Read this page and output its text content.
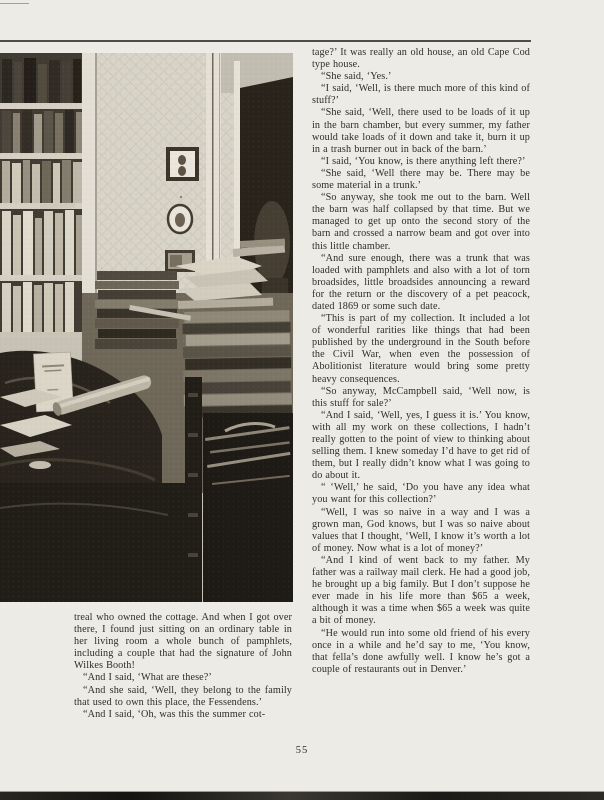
treal who owned the cottage. And when I got over there, I found just sitting on an ordinary table in her living room a whole bunch of pamphlets, including a couple that had the signature of John Wilkes Booth!

“And I said, ‘What are these?’

“And she said, ‘Well, they belong to the family that used to own this place, the Fessendens.’

“And I said, ‘Oh, was this the summer cot-

tage?’ It was really an old house, an old Cape Cod type house.

“She said, ‘Yes.’

“I said, ‘Well, is there much more of this kind of stuff?’

“She said, ‘Well, there used to be loads of it up in the barn chamber, but every summer, my father would take loads of it down and take it, burn it up in a trash burner out in back of the barn.’

“I said, ‘You know, is there anything left there?’

“She said, ‘Well there may be. There may be some material in a trunk.’

“So anyway, she took me out to the barn. Well the barn was half collapsed by that time. But we managed to get up onto the second story of the barn and crossed a narrow beam and got over into this little chamber.

“And sure enough, there was a trunk that was loaded with pamphlets and also with a lot of torn broadsides, little broadsides announcing a reward for the return or the discovery of a pet peacock, dated 1869 or some such date.

“This is part of my collection. It included a lot of wonderful rarities like things that had been published by the underground in the South before the Civil War, when even the possession of Abolitionist literature would bring some pretty heavy consequences.

“So anyway, McCampbell said, ‘Well now, is this stuff for sale?’

“And I said, ‘Well, yes, I guess it is.’ You know, with all my work on these collections, I hadn’t really gotten to the point of view to thinking about selling them. I knew someday I’d have to get rid of them, but I really didn’t know what I was going to do about it.

“ ‘Well,’ he said, ‘Do you have any idea what you want for this collection?’

“Well, I was so naive in a way and I was a grown man, God knows, but I was so naive about values that I thought, ‘Well, I know it’s worth a lot of money. Now what is a lot of money?’

“And I kind of went back to my father. My father was a railway mail clerk. He had a good job, he brought up a big family. But I don’t suppose he ever made in his life more than $65 a week, although it was a time when $65 a week was quite a bit of money.

“He would run into some old friend of his every once in a while and he’d say to me, ‘You know, that fella’s done awfully well. I know he’s got a couple of restaurants out in Denver.’

55
